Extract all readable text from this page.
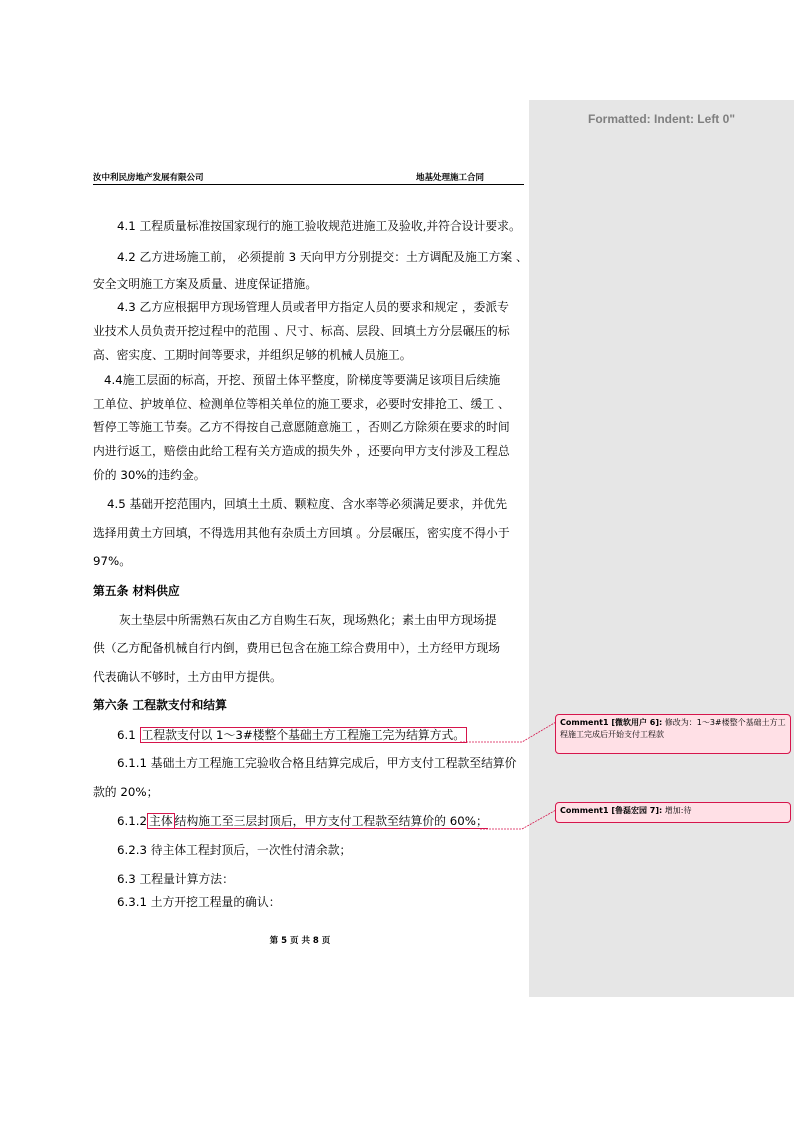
Formatted: Indent: Left 0"
汝中利民房地产发展有限公司	地基处理施工合同
4.1 工程质量标准按国家现行的施工验收规范进施工及验收,并符合设计要求。
4.2 乙方进场施工前， 必须提前 3 天向甲方分别提交：土方调配及施工方案 、
安全文明施工方案及质量、进度保证措施。
4.3 乙方应根据甲方现场管理人员或者甲方指定人员的要求和规定 ，委派专
业技术人员负责开挖过程中的范围 、尺寸、标高、层段、回填土方分层碾压的标
高、密实度、工期时间等要求，并组织足够的机械人员施工。
4.4施工层面的标高，开挖、预留土体平整度，阶梯度等要满足该项目后续施
工单位、护坡单位、检测单位等相关单位的施工要求，必要时安排抢工、缓工 、
暂停工等施工节奏。乙方不得按自己意愿随意施工 ，否则乙方除须在要求的时间
内进行返工，赔偿由此给工程有关方造成的损失外 ，还要向甲方支付涉及工程总
价的 30%的违约金。
4.5 基础开挖范围内，回填土土质、颗粒度、含水率等必须满足要求，并优先
选择用黄土方回填，不得选用其他有杂质土方回填 。分层碾压，密实度不得小于
97%。
第五条 材料供应
灰土垫层中所需熟石灰由乙方自购生石灰，现场熟化；素土由甲方现场提
供（乙方配备机械自行内倒，费用已包含在施工综合费用中），土方经甲方现场
代表确认不够时，土方由甲方提供。
第六条 工程款支付和结算
6.1 工程款支付以 1～3#楼整个基础土方工程施工完为结算方式。
6.1.1 基础土方工程施工完验收合格且结算完成后，甲方支付工程款至结算价
款的 20%；
6.1.2 主体 结构施工至三层封顶后，甲方支付工程款至结算价的 60%；
6.2.3 待主体工程封顶后，一次性付清余款；
6.3 工程量计算方法：
6.3.1 土方开挖工程量的确认：
第 5 页 共 8 页
Comment1 [微软用户 6]: 修改为：1～3#楼整个基础土方工程施工完成后开始支付工程款
Comment1 [鲁磊宏园 7]: 增加:待
